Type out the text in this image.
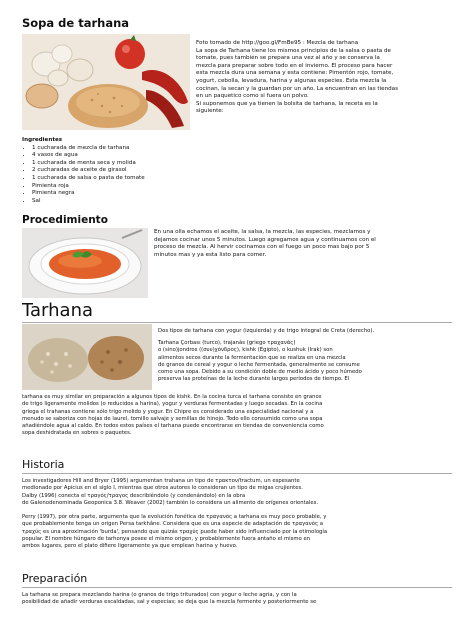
Sopa de tarhana
Foto tomado de http://goo.gl/FmBe95 : Mezcla de tarhana
La sopa de Tarhana tiene los mismos principios de la salsa o pasta de
tomate, pues también se prepara una vez al año y se conserva la
mezcla para preparar sobre todo en el invierno. El proceso para hacer
esta mezcla dura una semana y esta contiene: Pimentón rojo, tomate,
yogurt, cebolla, levadura, harina y algunas especies. Esta mezcla la
cocinan, la secan y la guardan por un año. La encuentran en las tiendas
en un paquetico como si fuera un polvo.
Si suponemos que ya tienen la bolsita de tarhana, la receta es la
siguiente:
Ingredientes
• 1 cucharada de mezcla de tarhana
• 4 vasos de agua
• 1 cucharada de menta seca y molida
• 2 cucharadas de aceite de girasol
• 1 cucharada de salsa o pasta de tomate
• Pimienta roja
• Pimienta negra
• Sal
Procedimiento
En una olla echamos el aceite, la salsa, la mezcla, las especies, mezclamos y
dejamos cocinar unos 5 minutos. Luego agregamos agua y continuamos con el
proceso de mezcla. Al hervir cocinamos con el fuego un poco mas bajo por 5
minutos mas y ya esta listo para comer.
Tarhana
Dos tipos de tarhana con yogur (izquierda) y de trigo integral de Creta (derecho).
Tarhana Çorbası (turco), trajanás (griego τραχανάς)
o (sino)jondros ((συν)χόνδρος), kishk (Egipto), o kushuk (Irak) son
alimentos secos durante la fermentación que se realiza en una mezcla
de granos de cereal y yogur o leche fermentada, generalmente se consume
como una sopa. Debido a su condición doble de medio ácido y poco húmedo
preserva las proteínas de la leche durante largos períodos de tiempo. El
tarhana es muy similar en preparación a algunos tipos de kishk. En la cocina turca el tarhana consiste en granos
de trigo ligeramente molidos (o reducidos a harina), yogur y verduras fermentadas y luego secadas. En la cocina
griega el trahanas contiene sólo trigo molido y yogur. En Chipre es considerado una especialidad nacional y a
menudo se saboriza con hojas de laurel, tomillo salvaje y semillas de hinojo. Todo ello consumido como una sopa
añadiéndole agua al caldo. En todos estos países el tarhana puede encontrarse en tiendas de conveniencia como
sopa deshidratada en sobres o paquetes.
Historia
Los investigadores Hill and Bryer (1995) argumentan trahana un tipo de τρακτον/tractum, un espesante
medionado por Apicius en el siglo I, mientras que otros autores lo consideran un tipo de migas crujientes.
Dalby (1996) conecta el τραγός/τραγος describiéndolo (y condenándolo) en la obra
de Galenodenominada Geoponica 3.8. Weaver (2002) también lo considera un alimento de orígenes orientales.
Perry (1997), por otra parte, argumenta que la evolución fonética de τραγανός a tarhana es muy poco probable, y
que probablemente tenga un origen Persa tarkhâne. Considera que es una especie de adaptación de τραγανός a
τραχύς es una aproximación 'burda', pensando que quizás τραχύς puede haber sido influenciado por la etimología
popular. El nombre húngaro de tarhonya posee el mismo origen, y probablemente fuera antaño el mismo en
ambos lugares, pero el plato difiere ligeramente ya que emplean harina y huevo.
Preparación
La tarhana se prepara mezclando harina (o granos de trigo triturados) con yogur o leche agria, y con la
posibilidad de añadir verduras escaldadas, sal y especias; se deja que la mezcla fermente y posteriormente se
